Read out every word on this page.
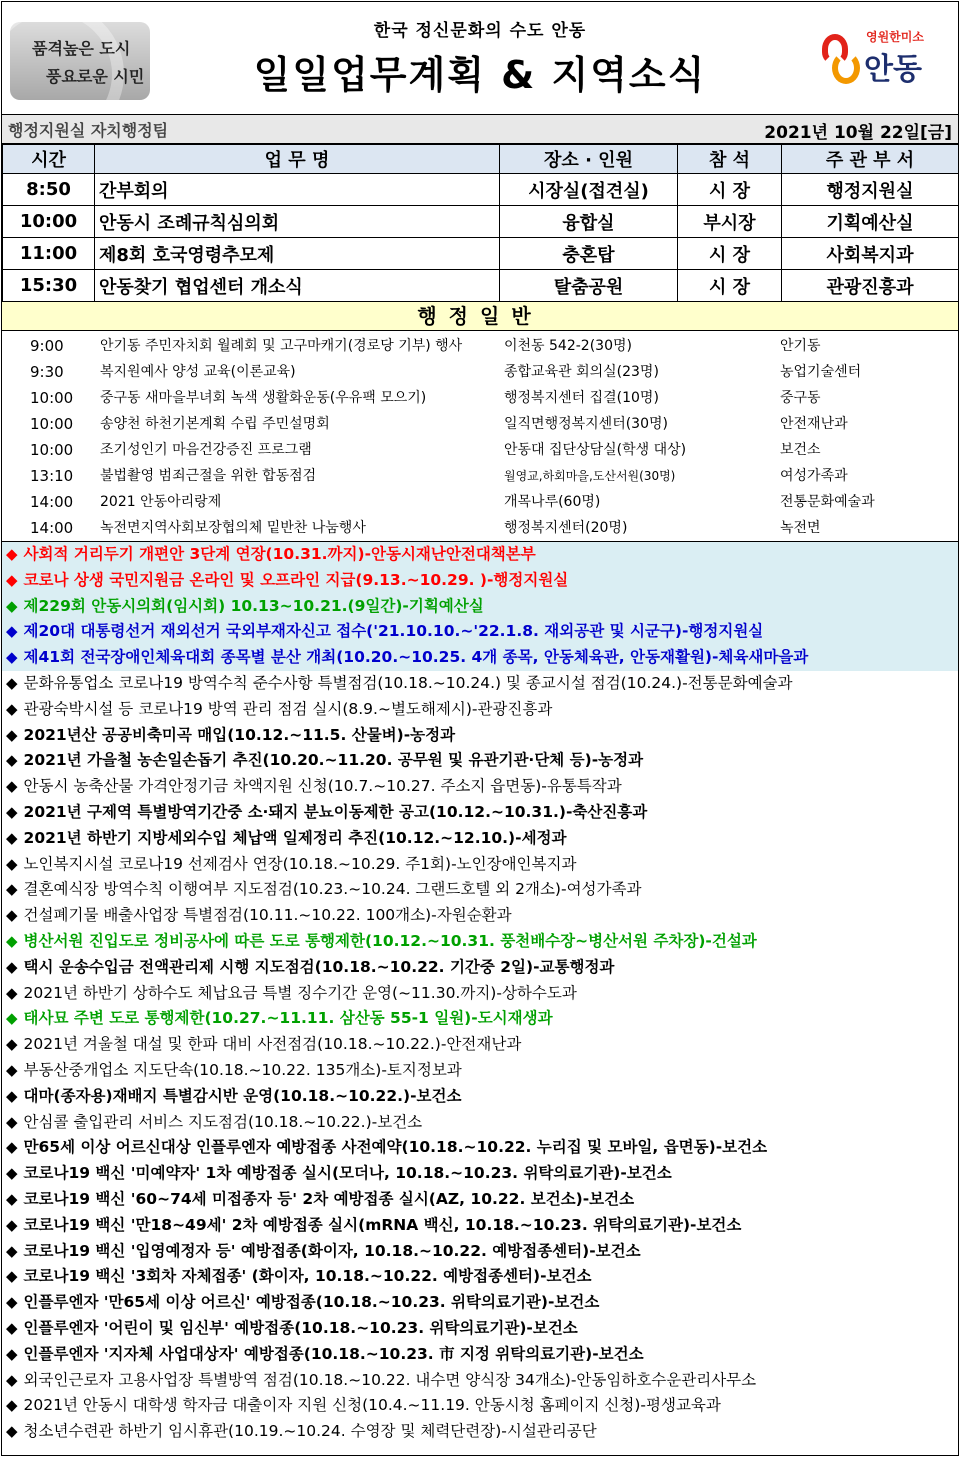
품격높은 도시
풍요로운 시민
한국 정신문화의 수도 안동
일일업무계획 & 지역소식
영원한미소
안동
행정지원실 자치행정팀	2021년 10월 22일[금]
시간	업 무 명	장소 · 인원	참 석	주 관 부 서
8:50	간부회의	시장실(접견실)	시 장	행정지원실
10:00	안동시 조례규칙심의회	융합실	부시장	기획예산실
11:00	제8회 호국영령추모제	충혼탑	시 장	사회복지과
15:30	안동찾기 협업센터 개소식	탈춤공원	시 장	관광진흥과
행정일반
9:00	안기동 주민자치회 월례회 및 고구마캐기(경로당 기부) 행사	이천동 542-2(30명)	안기동
9:30	복지원예사 양성 교육(이론교육)	종합교육관 회의실(23명)	농업기술센터
10:00	중구동 새마을부녀회 녹색 생활화운동(우유팩 모으기)	행정복지센터 집결(10명)	중구동
10:00	송양천 하천기본계획 수립 주민설명회	일직면행정복지센터(30명)	안전재난과
10:00	조기성인기 마음건강증진 프로그램	안동대 집단상담실(학생 대상)	보건소
13:10	불법촬영 범죄근절을 위한 합동점검	월영교,하회마을,도산서원(30명)	여성가족과
14:00	2021 안동아리랑제	개목나루(60명)	전통문화예술과
14:00	녹전면지역사회보장협의체 밑반찬 나눔행사	행정복지센터(20명)	녹전면
◆ 사회적 거리두기 개편안 3단계 연장(10.31.까지)-안동시재난안전대책본부
◆ 코로나 상생 국민지원금 온라인 및 오프라인 지급(9.13.~10.29. )-행정지원실
◆ 제229회 안동시의회(임시회) 10.13~10.21.(9일간)-기획예산실
◆ 제20대 대통령선거 재외선거 국외부재자신고 접수('21.10.10.~'22.1.8. 재외공관 및 시군구)-행정지원실
◆ 제41회 전국장애인체육대회 종목별 분산 개최(10.20.~10.25. 4개 종목, 안동체육관, 안동재활원)-체육새마을과
◆ 문화유통업소 코로나19 방역수칙 준수사항 특별점검(10.18.~10.24.) 및 종교시설 점검(10.24.)-전통문화예술과
◆ 관광숙박시설 등 코로나19 방역 관리 점검 실시(8.9.~별도해제시)-관광진흥과
◆ 2021년산 공공비축미곡 매입(10.12.~11.5. 산물벼)-농정과
◆ 2021년 가을철 농손일손돕기 추진(10.20.~11.20. 공무원 및 유관기관·단체 등)-농정과
◆ 안동시 농축산물 가격안정기금 차액지원 신청(10.7.~10.27. 주소지 읍면동)-유통특작과
◆ 2021년 구제역 특별방역기간중 소·돼지 분뇨이동제한 공고(10.12.~10.31.)-축산진흥과
◆ 2021년 하반기 지방세외수입 체납액 일제정리 추진(10.12.~12.10.)-세정과
◆ 노인복지시설 코로나19 선제검사 연장(10.18.~10.29. 주1회)-노인장애인복지과
◆ 결혼예식장 방역수칙 이행여부 지도점검(10.23.~10.24. 그랜드호텔 외 2개소)-여성가족과
◆ 건설폐기물 배출사업장 특별점검(10.11.~10.22. 100개소)-자원순환과
◆ 병산서원 진입도로 정비공사에 따른 도로 통행제한(10.12.~10.31. 풍천배수장~병산서원 주차장)-건설과
◆ 택시 운송수입금 전액관리제 시행 지도점검(10.18.~10.22. 기간중 2일)-교통행정과
◆ 2021년 하반기 상하수도 체납요금 특별 징수기간 운영(~11.30.까지)-상하수도과
◆ 태사묘 주변 도로 통행제한(10.27.~11.11. 삼산동 55-1 일원)-도시재생과
◆ 2021년 겨울철 대설 및 한파 대비 사전점검(10.18.~10.22.)-안전재난과
◆ 부동산중개업소 지도단속(10.18.~10.22. 135개소)-토지정보과
◆ 대마(종자용)재배지 특별감시반 운영(10.18.~10.22.)-보건소
◆ 안심콜 출입관리 서비스 지도점검(10.18.~10.22.)-보건소
◆ 만65세 이상 어르신대상 인플루엔자 예방접종 사전예약(10.18.~10.22. 누리집 및 모바일, 읍면동)-보건소
◆ 코로나19 백신 '미예약자' 1차 예방접종 실시(모더나, 10.18.~10.23. 위탁의료기관)-보건소
◆ 코로나19 백신 '60~74세 미접종자 등' 2차 예방접종 실시(AZ, 10.22. 보건소)-보건소
◆ 코로나19 백신 '만18~49세' 2차 예방접종 실시(mRNA 백신, 10.18.~10.23. 위탁의료기관)-보건소
◆ 코로나19 백신 '입영예정자 등' 예방접종(화이자, 10.18.~10.22. 예방접종센터)-보건소
◆ 코로나19 백신 '3회차 자체접종' (화이자, 10.18.~10.22. 예방접종센터)-보건소
◆ 인플루엔자 '만65세 이상 어르신' 예방접종(10.18.~10.23. 위탁의료기관)-보건소
◆ 인플루엔자 '어린이 및 임신부' 예방접종(10.18.~10.23. 위탁의료기관)-보건소
◆ 인플루엔자 '지자체 사업대상자' 예방접종(10.18.~10.23. 市 지정 위탁의료기관)-보건소
◆ 외국인근로자 고용사업장 특별방역 점검(10.18.~10.22. 내수면 양식장 34개소)-안동임하호수운관리사무소
◆ 2021년 안동시 대학생 학자금 대출이자 지원 신청(10.4.~11.19. 안동시청 홈페이지 신청)-평생교육과
◆ 청소년수련관 하반기 임시휴관(10.19.~10.24. 수영장 및 체력단련장)-시설관리공단
